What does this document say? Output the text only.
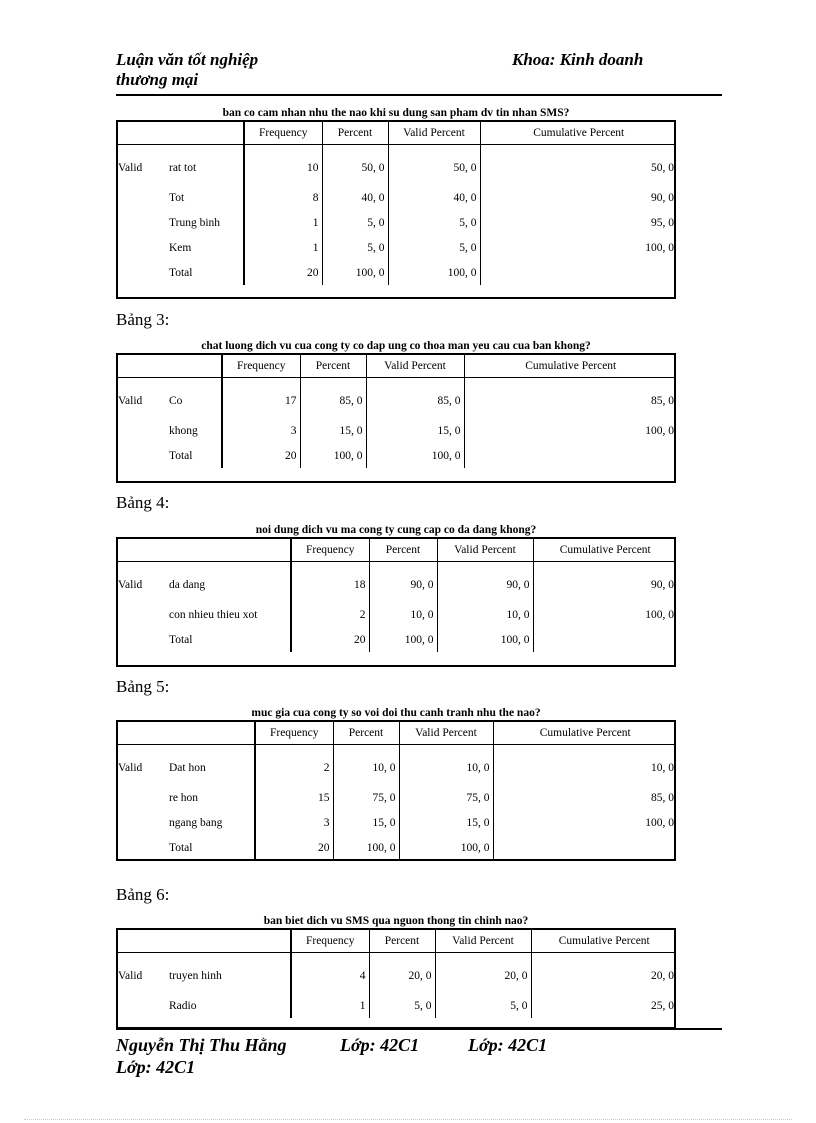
Luận văn tốt nghiệp
thương mại
Khoa: Kinh doanh
ban co cam nhan nhu the nao khi su dung san pham dv tin nhan SMS?
		Frequency	Percent	Valid Percent	Cumulative Percent
Valid	rat tot	10	50, 0	50, 0	50, 0
	Tot	8	40, 0	40, 0	90, 0
	Trung binh	1	5, 0	5, 0	95, 0
	Kem	1	5, 0	5, 0	100, 0
	Total	20	100, 0	100, 0	
Bảng 3:
chat luong dich vu cua cong ty co dap ung co thoa man yeu cau cua ban khong?
		Frequency	Percent	Valid Percent	Cumulative Percent
Valid	Co	17	85, 0	85, 0	85, 0
	khong	3	15, 0	15, 0	100, 0
	Total	20	100, 0	100, 0	
Bảng 4:
noi dung dich vu ma cong ty cung cap co da dang khong?
		Frequency	Percent	Valid Percent	Cumulative Percent
Valid	da dang	18	90, 0	90, 0	90, 0
	con nhieu thieu xot	2	10, 0	10, 0	100, 0
	Total	20	100, 0	100, 0	
Bảng 5:
muc gia cua cong ty so voi doi thu canh tranh nhu the nao?
		Frequency	Percent	Valid Percent	Cumulative Percent
Valid	Dat hon	2	10, 0	10, 0	10, 0
	re hon	15	75, 0	75, 0	85, 0
	ngang bang	3	15, 0	15, 0	100, 0
	Total	20	100, 0	100, 0	
Bảng 6:
ban biet dich vu SMS qua nguon thong tin chinh nao?
		Frequency	Percent	Valid Percent	Cumulative Percent
Valid	truyen hinh	4	20, 0	20, 0	20, 0
	Radio	1	5, 0	5, 0	25, 0
Nguyễn Thị Thu Hằng	Lớp: 42C1	Lớp: 42C1
Lớp: 42C1
